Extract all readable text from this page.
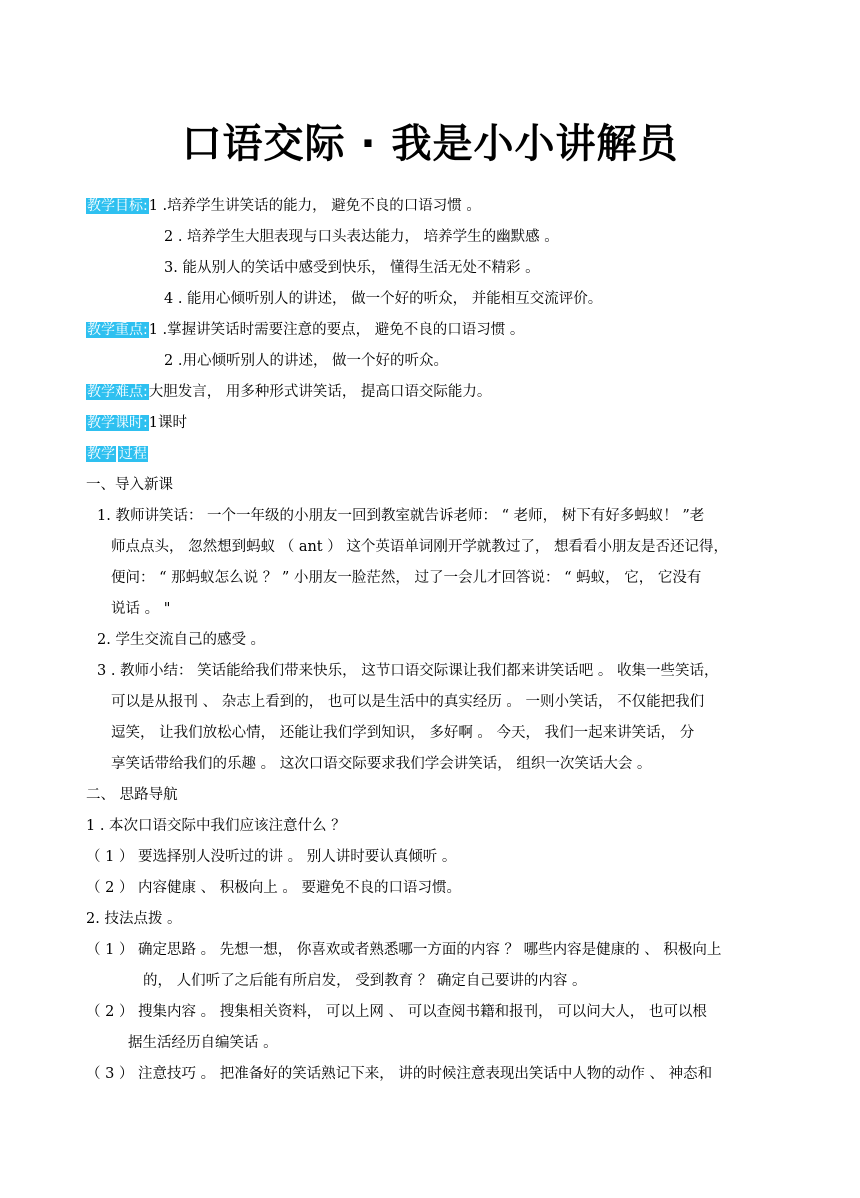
口语交际 · 我是小小讲解员
教学目标:1 .培养学生讲笑话的能力， 避免不良的口语习惯 。
2 . 培养学生大胆表现与口头表达能力， 培养学生的幽默感 。
3. 能从别人的笑话中感受到快乐， 懂得生活无处不精彩 。
4 . 能用心倾听别人的讲述， 做一个好的听众， 并能相互交流评价。
教学重点:1 .掌握讲笑话时需要注意的要点， 避免不良的口语习惯 。
2 .用心倾听别人的讲述， 做一个好的听众。
教学难点:大胆发言， 用多种形式讲笑话， 提高口语交际能力。
教学课时:1课时
教学 过程
一、导入新课
1. 教师讲笑话： 一个一年级的小朋友一回到教室就告诉老师： “ 老师， 树下有好多蚂蚁！ ”老
师点点头， 忽然想到蚂蚁 （ ant ） 这个英语单词刚开学就教过了， 想看看小朋友是否还记得，
便问： “ 那蚂蚁怎么说 ？ ” 小朋友一脸茫然， 过了一会儿才回答说： “ 蚂蚁， 它， 它没有
说话 。 "
2. 学生交流自己的感受 。
3 . 教师小结： 笑话能给我们带来快乐， 这节口语交际课让我们都来讲笑话吧 。 收集一些笑话，
可以是从报刊 、 杂志上看到的， 也可以是生活中的真实经历 。 一则小笑话， 不仅能把我们
逗笑， 让我们放松心情， 还能让我们学到知识， 多好啊 。 今天， 我们一起来讲笑话， 分
享笑话带给我们的乐趣 。 这次口语交际要求我们学会讲笑话， 组织一次笑话大会 。
二、 思路导航
1 . 本次口语交际中我们应该注意什么 ？
（ 1 ） 要选择别人没听过的讲 。 别人讲时要认真倾听 。
（ 2 ） 内容健康 、 积极向上 。 要避免不良的口语习惯。
2. 技法点拨 。
（ 1 ） 确定思路 。 先想一想， 你喜欢或者熟悉哪一方面的内容 ？ 哪些内容是健康的 、 积极向上
的， 人们听了之后能有所启发， 受到教育 ？ 确定自己要讲的内容 。
（ 2 ） 搜集内容 。 搜集相关资料， 可以上网 、 可以查阅书籍和报刊， 可以问大人， 也可以根
据生活经历自编笑话 。
（ 3 ） 注意技巧 。 把准备好的笑话熟记下来， 讲的时候注意表现出笑话中人物的动作 、 神态和
